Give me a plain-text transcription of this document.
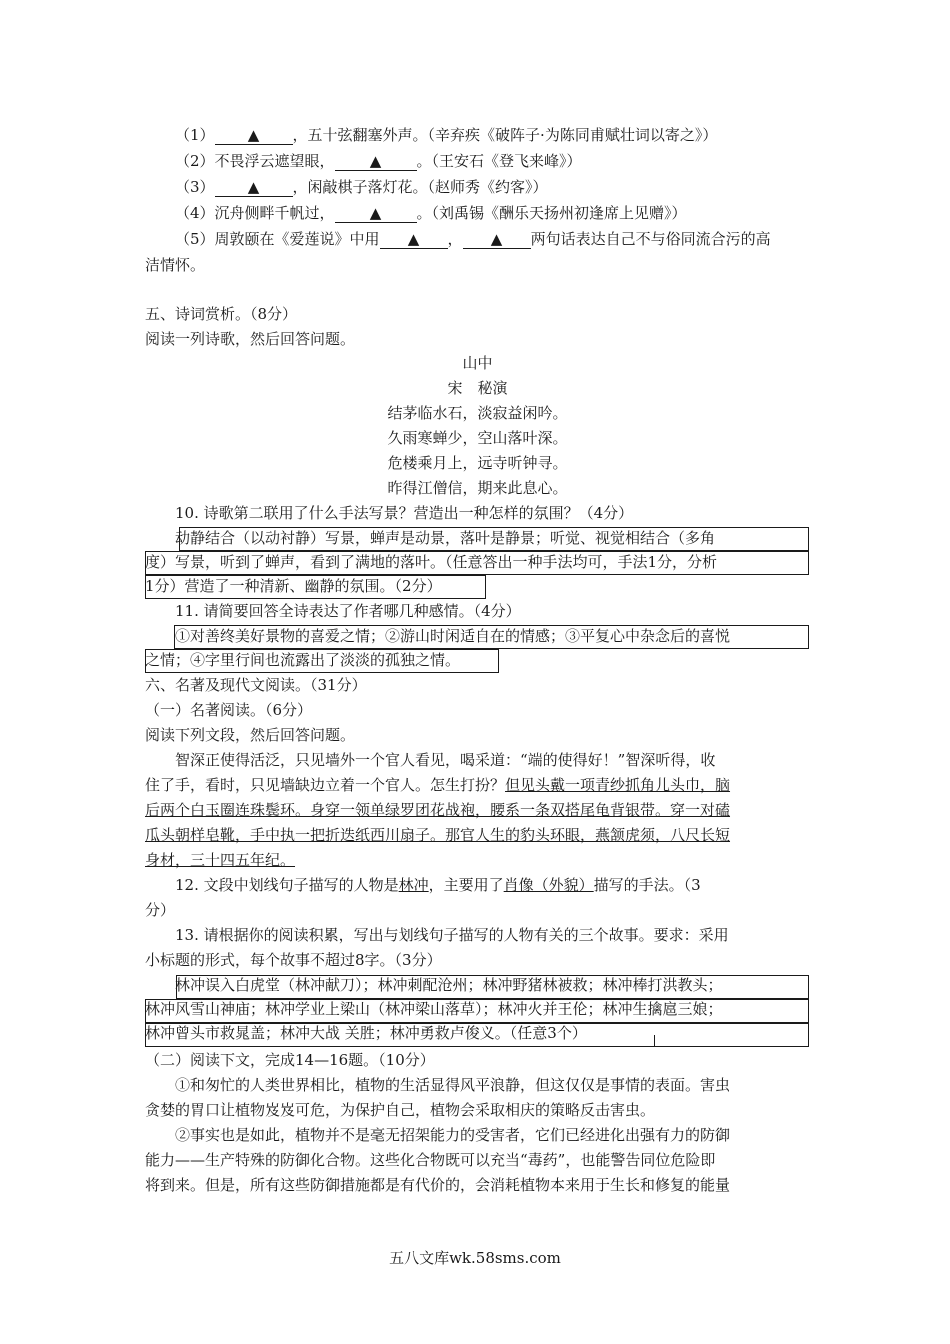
（1） ▲ ，五十弦翻塞外声。（辛弃疾《破阵子·为陈同甫赋壮词以寄之》）
（2）不畏浮云遮望眼， ▲ 。（王安石《登飞来峰》）
（3） ▲ ，闲敲棋子落灯花。（赵师秀《约客》）
（4）沉舟侧畔千帆过， ▲ 。（刘禹锡《酬乐天扬州初逢席上见赠》）
（5）周敦颐在《爱莲说》中用 ▲ ， ▲ 两句话表达自己不与俗同流合污的高
洁情怀。
五、诗词赏析。（8分）
阅读一列诗歌，然后回答问题。
山中
宋　秘演
结茅临水石，淡寂益闲吟。
久雨寒蝉少，空山落叶深。
危楼乘月上，远寺听钟寻。
昨得江僧信，期来此息心。
10. 诗歌第二联用了什么手法写景？营造出一种怎样的氛围？（4分）
动静结合（以动衬静）写景，蝉声是动景，落叶是静景；听觉、视觉相结合（多角
度）写景，听到了蝉声，看到了满地的落叶。（任意答出一种手法均可，手法1分，分析
1分）营造了一种清新、幽静的氛围。（2分）
11. 请简要回答全诗表达了作者哪几种感情。（4分）
①对善终美好景物的喜爱之情；②游山时闲适自在的情感；③平复心中杂念后的喜悦
之情；④字里行间也流露出了淡淡的孤独之情。
六、名著及现代文阅读。（31分）
（一）名著阅读。（6分）
阅读下列文段，然后回答问题。
智深正使得活泛，只见墙外一个官人看见，喝采道：“端的使得好！”智深听得，收
住了手，看时，只见墙缺边立着一个官人。怎生打扮？但见头戴一项青纱抓角儿头巾，脑
后两个白玉圈连珠鬓环。身穿一领单绿罗团花战袍，腰系一条双搭尾龟背银带。穿一对磕
瓜头朝样皂靴，手中执一把折迭纸西川扇子。那官人生的豹头环眼，燕颔虎须，八尺长短
身材，三十四五年纪。
12. 文段中划线句子描写的人物是林冲，主要用了肖像（外貌）描写的手法。（3
分）
13. 请根据你的阅读积累，写出与划线句子描写的人物有关的三个故事。要求：采用
小标题的形式，每个故事不超过8字。（3分）
林冲误入白虎堂（林冲献刀）；林冲刺配沧州；林冲野猪林被救；林冲棒打洪教头；
林冲风雪山神庙；林冲学业上梁山（林冲梁山落草）；林冲火并王伦；林冲生擒扈三娘；
林冲曾头市救晁盖；林冲大战 关胜；林冲勇救卢俊义。（任意3个）
（二）阅读下文，完成14—16题。（10分）
①和匆忙的人类世界相比，植物的生活显得风平浪静，但这仅仅是事情的表面。害虫
贪婪的胃口让植物岌岌可危，为保护自己，植物会采取相庆的策略反击害虫。
②事实也是如此，植物并不是毫无招架能力的受害者，它们已经进化出强有力的防御
能力——生产特殊的防御化合物。这些化合物既可以充当“毒药”，也能警告同位危险即
将到来。但是，所有这些防御措施都是有代价的，会消耗植物本来用于生长和修复的能量
五八文库wk.58sms.com
